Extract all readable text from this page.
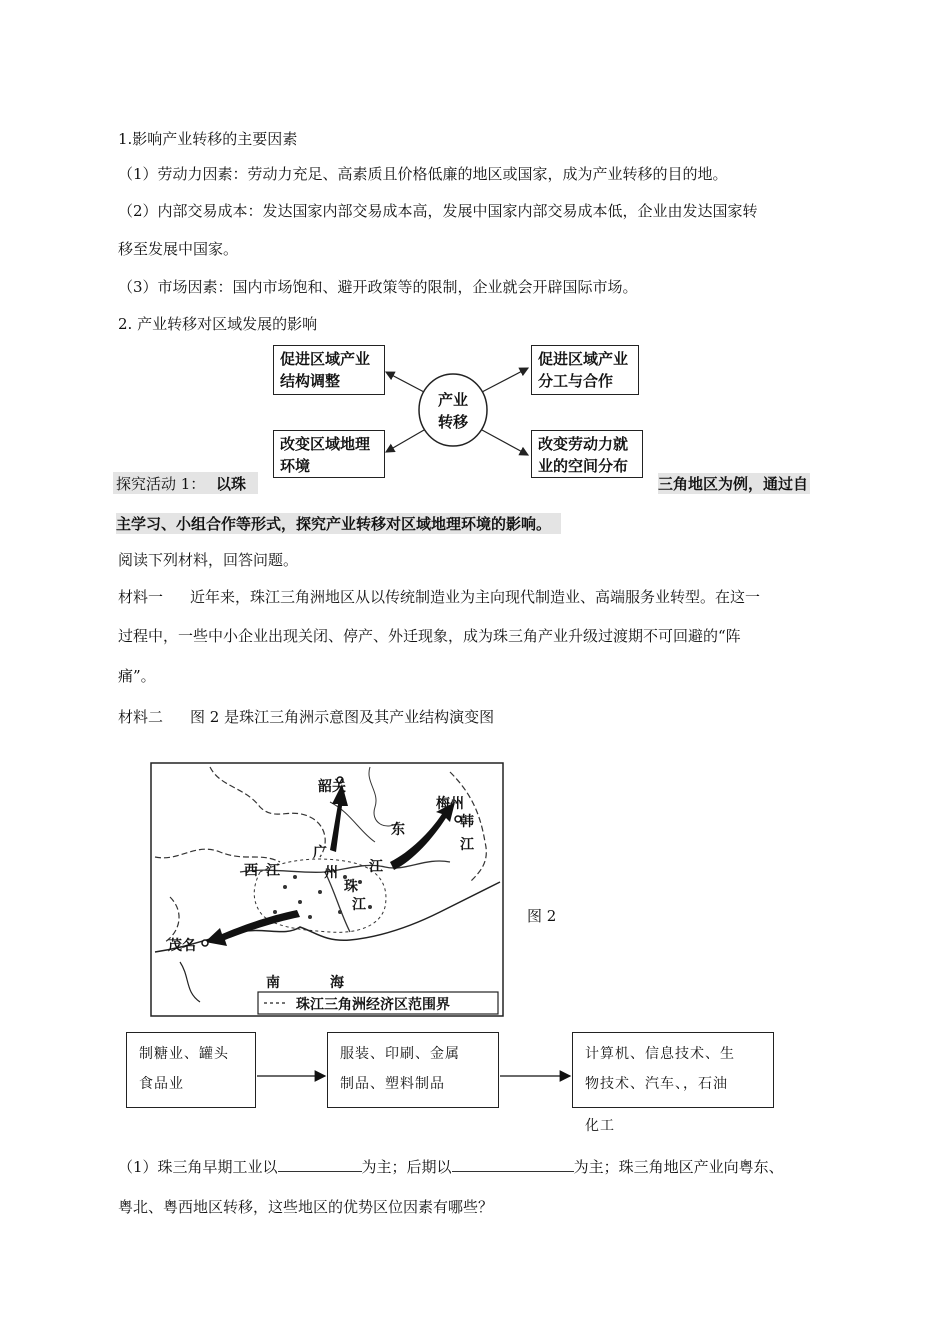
1.影响产业转移的主要因素
（1）劳动力因素：劳动力充足、高素质且价格低廉的地区或国家，成为产业转移的目的地。
（2）内部交易成本：发达国家内部交易成本高，发展中国家内部交易成本低，企业由发达国家转
移至发展中国家。
（3）市场因素：国内市场饱和、避开政策等的限制，企业就会开辟国际市场。
2. 产业转移对区域发展的影响
产业
转移
促进区域产业
结构调整
促进区域产业
分工与合作
改变区域地理
环境
改变劳动力就
业的空间分布
探究活动 1： 以珠	三角地区为例，通过自
主学习、小组合作等形式，探究产业转移对区域地理环境的影响。
阅读下列材料，回答问题。
材料一 近年来，珠江三角洲地区从以传统制造业为主向现代制造业、高端服务业转型。在这一
过程中，一些中小企业出现关闭、停产、外迁现象，成为珠三角产业升级过渡期不可回避的“阵
痛”。
材料二 图 2 是珠江三角洲示意图及其产业结构演变图
韶关
梅州
韩
江
东
江
西 江
广
州
珠
江
茂名
南	海
珠江三角洲经济区范围界
图 2
制糖业、罐头
食品业
服装、印刷、金属
制品、塑料制品
计算机、信息技术、生
物技术、汽车、，石油
化工
（1）珠三角早期工业以	为主；后期以	为主；珠三角地区产业向粤东、
粤北、粤西地区转移，这些地区的优势区位因素有哪些？
